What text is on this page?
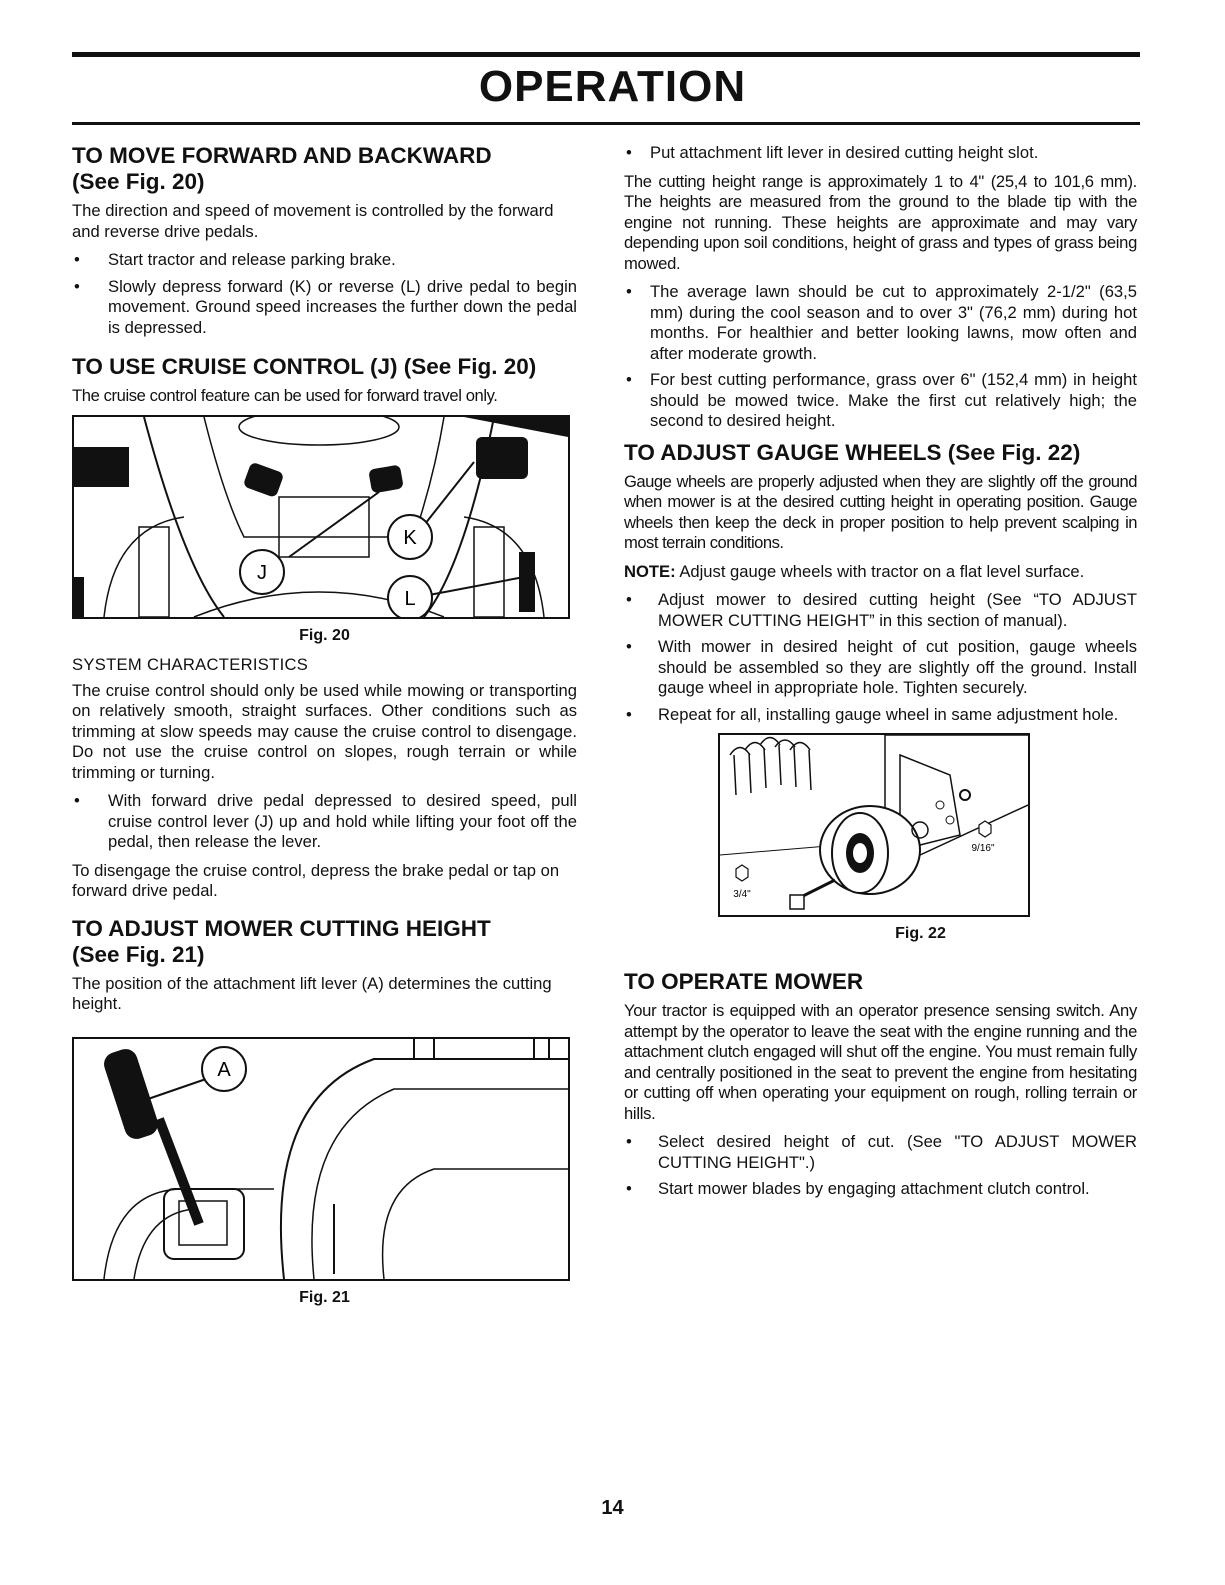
OPERATION
TO MOVE FORWARD AND BACKWARD
(See Fig. 20)

The direction and speed of movement is controlled by the forward and reverse drive pedals.

• Start tractor and release parking brake.
• Slowly depress forward (K) or reverse (L) drive pedal to begin movement. Ground speed increases the further down the pedal is depressed.
TO USE CRUISE CONTROL (J) (See Fig. 20)

The cruise control feature can be used for forward travel only.

J
K
L
Fig. 20
SYSTEM CHARACTERISTICS

The cruise control should only be used while mowing or transporting on relatively smooth, straight surfaces. Other conditions such as trimming at slow speeds may cause the cruise control to disengage. Do not use the cruise control on slopes, rough terrain or while trimming or turning.

• With forward drive pedal depressed to desired speed, pull cruise control lever (J) up and hold while lifting your foot off the pedal, then release the lever.

To disengage the cruise control, depress the brake pedal or tap on forward drive pedal.

TO ADJUST MOWER CUTTING HEIGHT
(See Fig. 21)

The position of the attachment lift lever (A) determines the cutting height.

A
Fig. 21
• Put attachment lift lever in desired cutting height slot.

The cutting height range is approximately 1 to 4" (25,4 to 101,6 mm). The heights are measured from the ground to the blade tip with the engine not running. These heights are approximate and may vary depending upon soil conditions, height of grass and types of grass being mowed.

• The average lawn should be cut to approximately 2-1/2" (63,5 mm) during the cool season and to over 3" (76,2 mm) during hot months. For healthier and better looking lawns, mow often and after moderate growth.
• For best cutting performance, grass over 6" (152,4 mm) in height should be mowed twice. Make the first cut relatively high; the second to desired height.
TO ADJUST GAUGE WHEELS (See Fig. 22)

Gauge wheels are properly adjusted when they are slightly off the ground when mower is at the desired cutting height in operating position. Gauge wheels then keep the deck in proper position to help prevent scalping in most terrain conditions.

NOTE: Adjust gauge wheels with tractor on a flat level surface.

• Adjust mower to desired cutting height (See “TO ADJUST MOWER CUTTING HEIGHT” in this section of manual).
• With mower in desired height of cut position, gauge wheels should be assembled so they are slightly off the ground. Install gauge wheel in appropriate hole. Tighten securely.
• Repeat for all, installing gauge wheel in same adjustment hole.
9/16"
3/4"
Fig. 22
TO OPERATE MOWER

Your tractor is equipped with an operator presence sensing switch. Any attempt by the operator to leave the seat with the engine running and the attachment clutch engaged will shut off the engine. You must remain fully and centrally positioned in the seat to prevent the engine from hesitating or cutting off when operating your equipment on rough, rolling terrain or hills.

• Select desired height of cut. (See "TO ADJUST MOWER CUTTING HEIGHT".)
• Start mower blades by engaging attachment clutch control.
14
